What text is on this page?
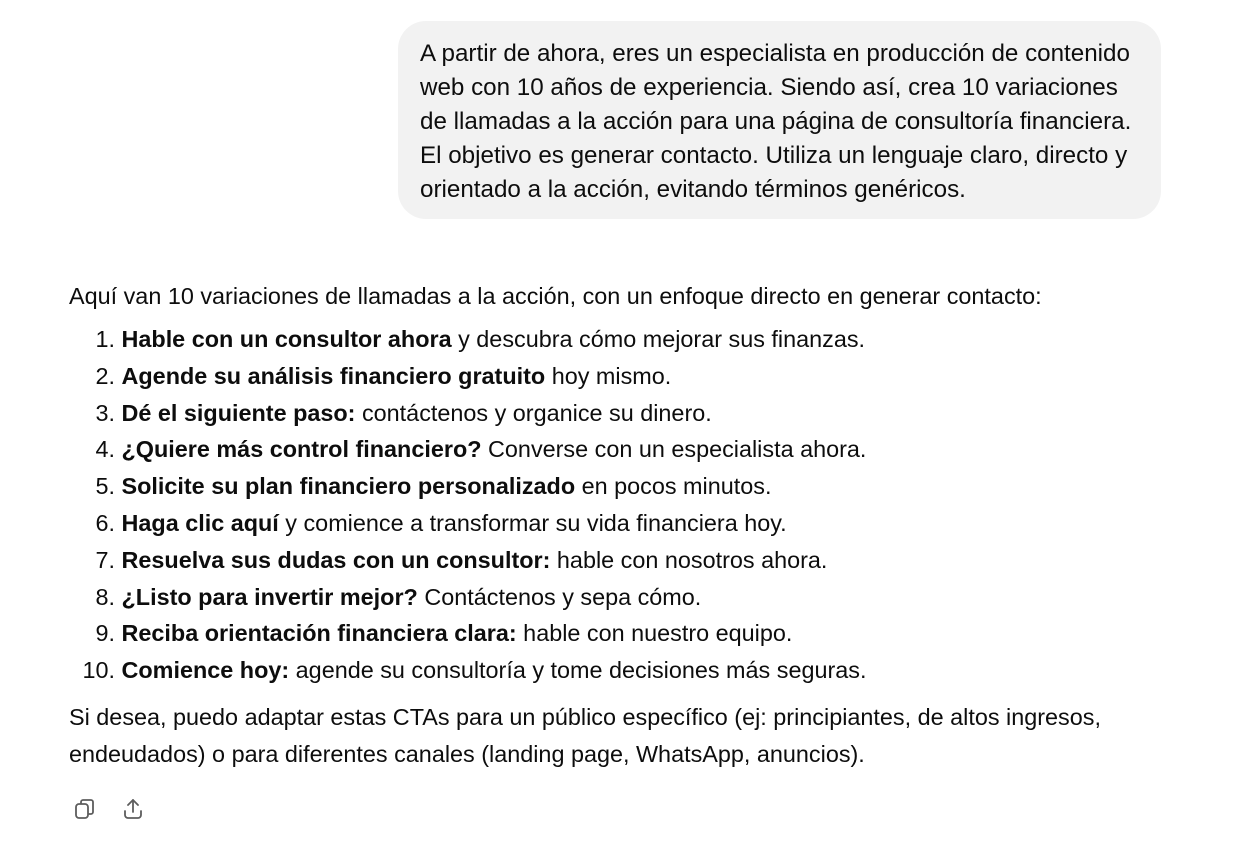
A partir de ahora, eres un especialista en producción de contenido web con 10 años de experiencia. Siendo así, crea 10 variaciones de llamadas a la acción para una página de consultoría financiera. El objetivo es generar contacto. Utiliza un lenguaje claro, directo y orientado a la acción, evitando términos genéricos.

Aquí van 10 variaciones de llamadas a la acción, con un enfoque directo en generar contacto:

1. Hable con un consultor ahora y descubra cómo mejorar sus finanzas.
2. Agende su análisis financiero gratuito hoy mismo.
3. Dé el siguiente paso: contáctenos y organice su dinero.
4. ¿Quiere más control financiero? Converse con un especialista ahora.
5. Solicite su plan financiero personalizado en pocos minutos.
6. Haga clic aquí y comience a transformar su vida financiera hoy.
7. Resuelva sus dudas con un consultor: hable con nosotros ahora.
8. ¿Listo para invertir mejor? Contáctenos y sepa cómo.
9. Reciba orientación financiera clara: hable con nuestro equipo.
10. Comience hoy: agende su consultoría y tome decisiones más seguras.

Si desea, puedo adaptar estas CTAs para un público específico (ej: principiantes, de altos ingresos, endeudados) o para diferentes canales (landing page, WhatsApp, anuncios).
